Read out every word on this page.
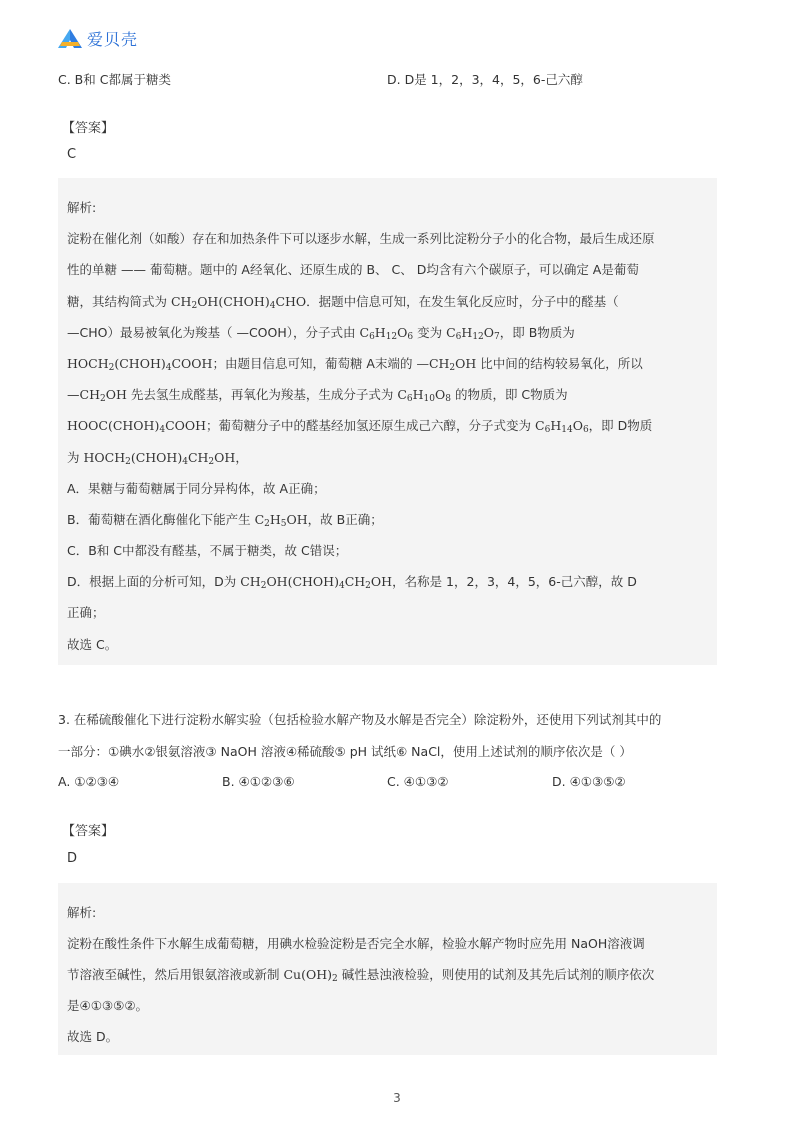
爱贝壳
C. B和 C都属于糖类	D. D是 1，2，3，4，5，6-己六醇
【答案】
C
解析:
淀粉在催化剂（如酸）存在和加热条件下可以逐步水解，生成一系列比淀粉分子小的化合物，最后生成还原
性的单糖 —— 葡萄糖。题中的 A经氧化、还原生成的 B、 C、 D均含有六个碳原子，可以确定 A是葡萄
糖，其结构简式为 $CH_2OH(CHOH)_4CHO$．据题中信息可知，在发生氧化反应时，分子中的醛基（
—CHO）最易被氧化为羧基（ —COOH），分子式由 $C_6H_{12}O_6$ 变为 $C_6H_{12}O_7$，即 B物质为
$HOCH_2(CHOH)_4COOH$；由题目信息可知，葡萄糖 A末端的 $—CH_2OH$ 比中间的结构较易氧化，所以
$—CH_2OH$ 先去氢生成醛基，再氧化为羧基，生成分子式为 $C_6H_{10}O_8$ 的物质，即 C物质为
$HOOC(CHOH)_4COOH$；葡萄糖分子中的醛基经加氢还原生成己六醇，分子式变为 $C_6H_{14}O_6$，即 D物质
为 $HOCH_2(CHOH)_4CH_2OH$，
A．果糖与葡萄糖属于同分异构体，故 A正确；
B．葡萄糖在酒化酶催化下能产生 $C_2H_5OH$，故 B正确；
C．B和 C中都没有醛基，不属于糖类，故 C错误；
D．根据上面的分析可知，D为 $CH_2OH(CHOH)_4CH_2OH$，名称是 1，2，3，4，5，6-己六醇，故 D
正确；
故选 C。
3. 在稀硫酸催化下进行淀粉水解实验（包括检验水解产物及水解是否完全）除淀粉外，还使用下列试剂其中的
一部分：①碘水②银氨溶液③ NaOH 溶液④稀硫酸⑤ pH 试纸⑥ NaCl，使用上述试剂的顺序依次是（ ）
A. ①②③④	B. ④①②③⑥	C. ④①③②	D. ④①③⑤②
【答案】
D
解析:
淀粉在酸性条件下水解生成葡萄糖，用碘水检验淀粉是否完全水解，检验水解产物时应先用 NaOH溶液调
节溶液至碱性，然后用银氨溶液或新制 $Cu(OH)_2$ 碱性悬浊液检验，则使用的试剂及其先后试剂的顺序依次
是④①③⑤②。
故选 D。
3
